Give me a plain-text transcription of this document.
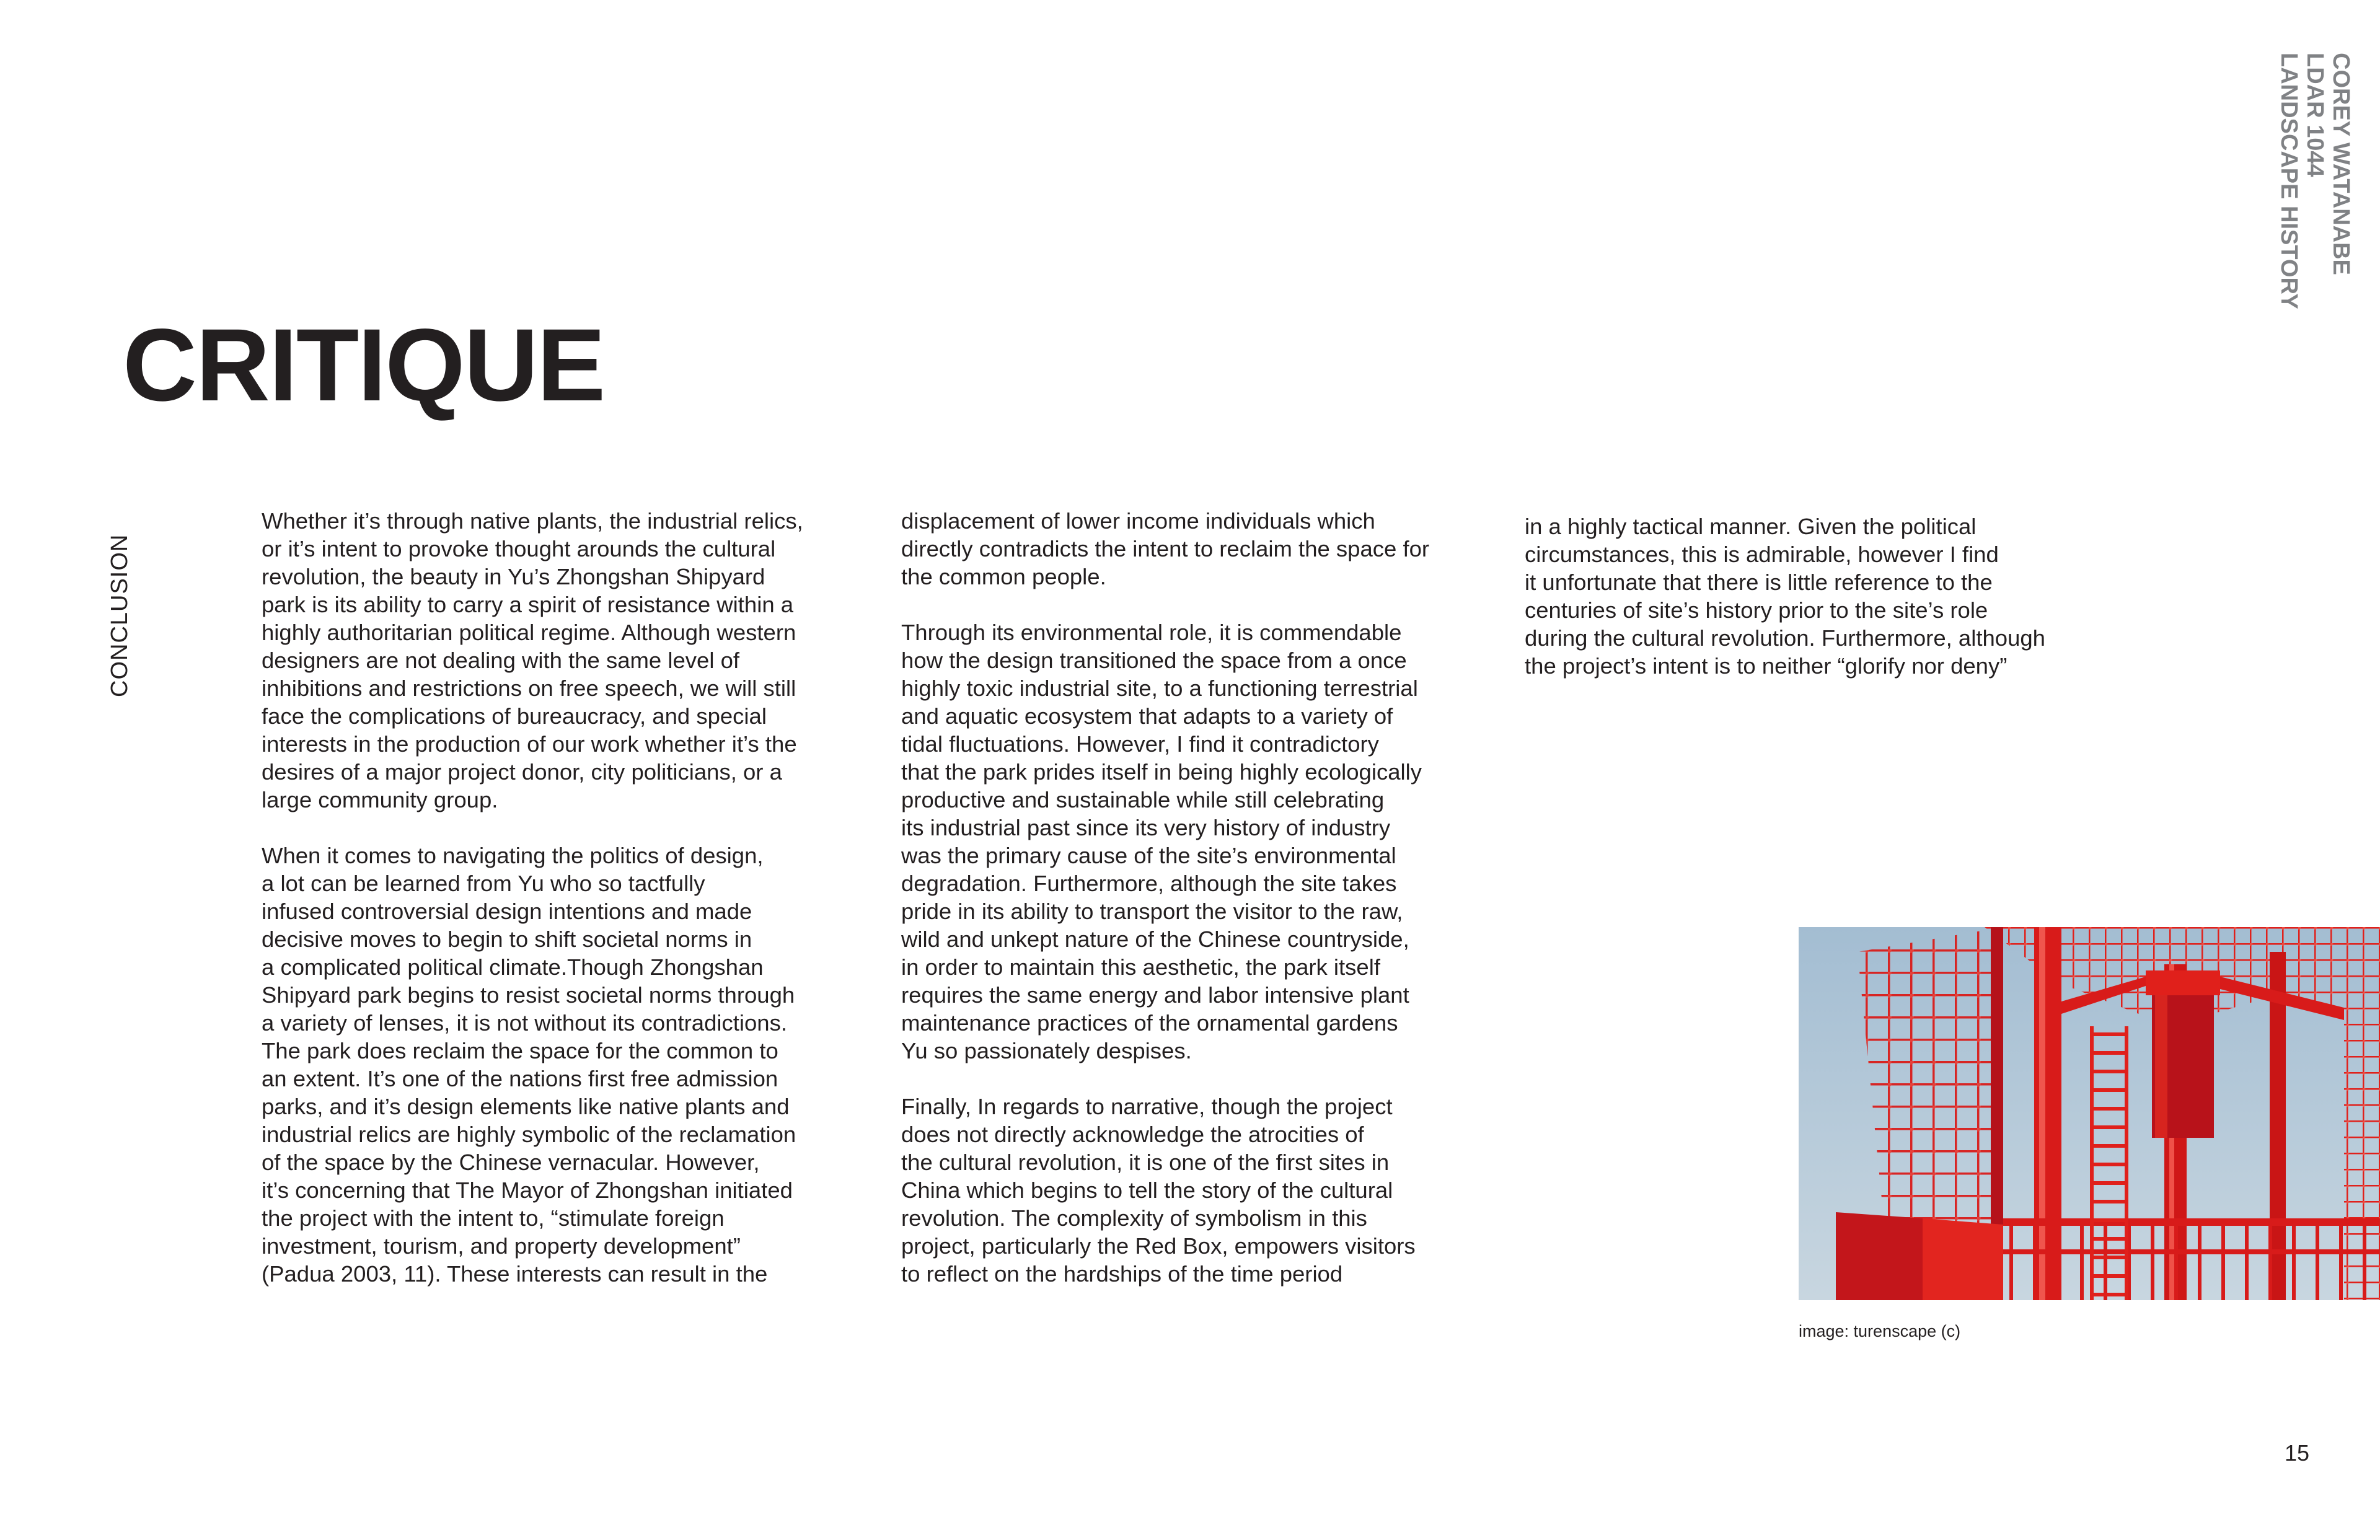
COREY WATANABE
LDAR 1044
LANDSCAPE HISTORY
CRITIQUE
CONCLUSION

Whether it’s through native plants, the industrial relics,
or it’s intent to provoke thought arounds the cultural
revolution, the beauty in Yu’s Zhongshan Shipyard
park is its ability to carry a spirit of resistance within a
highly authoritarian political regime. Although western
designers are not dealing with the same level of
inhibitions and restrictions on free speech, we will still
face the complications of bureaucracy, and special
interests in the production of our work whether it’s the
desires of a major project donor, city politicians, or a
large community group.

When it comes to navigating the politics of design,
a lot can be learned from Yu who so tactfully
infused controversial design intentions and made
decisive moves to begin to shift societal norms in
a complicated political climate.Though Zhongshan
Shipyard park begins to resist societal norms through
a variety of lenses, it is not without its contradictions.
The park does reclaim the space for the common to
an extent. It’s one of the nations first free admission
parks, and it’s design elements like native plants and
industrial relics are highly symbolic of the reclamation
of the space by the Chinese vernacular. However,
it’s concerning that The Mayor of Zhongshan initiated
the project with the intent to, “stimulate foreign
investment, tourism, and property development”
(Padua 2003, 11). These interests can result in the

displacement of lower income individuals which
directly contradicts the intent to reclaim the space for
the common people.

Through its environmental role, it is commendable
how the design transitioned the space from a once
highly toxic industrial site, to a functioning terrestrial
and aquatic ecosystem that adapts to a variety of
tidal fluctuations. However, I find it contradictory
that the park prides itself in being highly ecologically
productive and sustainable while still celebrating
its industrial past since its very history of industry
was the primary cause of the site’s environmental
degradation. Furthermore, although the site takes
pride in its ability to transport the visitor to the raw,
wild and unkept nature of the Chinese countryside,
in order to maintain this aesthetic, the park itself
requires the same energy and labor intensive plant
maintenance practices of the ornamental gardens
Yu so passionately despises.

Finally, In regards to narrative, though the project
does not directly acknowledge the atrocities of
the cultural revolution, it is one of the first sites in
China which begins to tell the story of the cultural
revolution. The complexity of symbolism in this
project, particularly the Red Box, empowers visitors
to reflect on the hardships of the time period

in a highly tactical manner. Given the political
circumstances, this is admirable, however I find
it unfortunate that there is little reference to the
centuries of site’s history prior to the site’s role
during the cultural revolution. Furthermore, although
the project’s intent is to neither “glorify nor deny”

image: turenscape (c)
15
